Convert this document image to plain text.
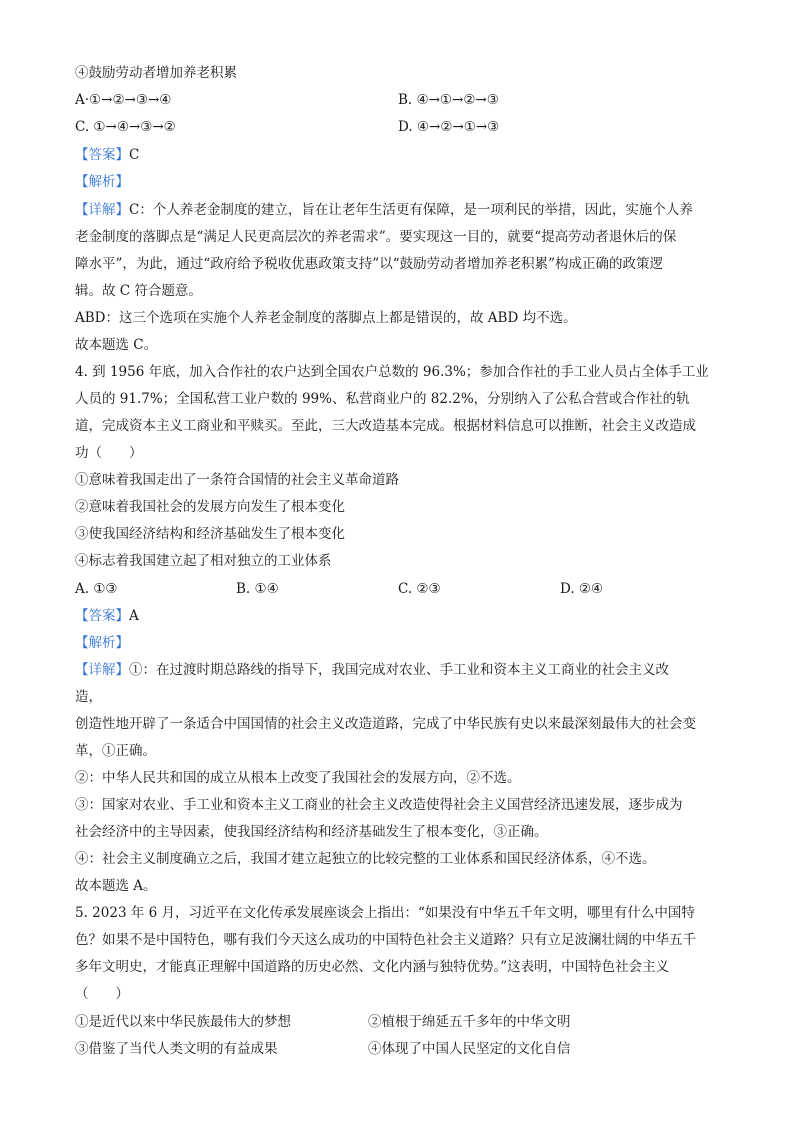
④鼓励劳动者增加养老积累
A·①→②→③→④	B. ④→①→②→③
C. ①→④→③→②	D. ④→②→①→③
【答案】C
【解析】
【详解】C：个人养老金制度的建立，旨在让老年生活更有保障，是一项利民的举措，因此，实施个人养
老金制度的落脚点是“满足人民更高层次的养老需求”。要实现这一目的，就要“提高劳动者退休后的保
障水平”，为此，通过“政府给予税收优惠政策支持”以“鼓励劳动者增加养老积累”构成正确的政策逻
辑。故 C 符合题意。
ABD：这三个选项在实施个人养老金制度的落脚点上都是错误的，故 ABD 均不选。
故本题选 C。
4. 到 1956 年底，加入合作社的农户达到全国农户总数的 96.3%；参加合作社的手工业人员占全体手工业
人员的 91.7%；全国私营工业户数的 99%、私营商业户的 82.2%，分别纳入了公私合营或合作社的轨
道，完成资本主义工商业和平赎买。至此，三大改造基本完成。根据材料信息可以推断，社会主义改造成
功（　　）
①意味着我国走出了一条符合国情的社会主义革命道路
②意味着我国社会的发展方向发生了根本变化
③使我国经济结构和经济基础发生了根本变化
④标志着我国建立起了相对独立的工业体系
A. ①③	B. ①④	C. ②③	D. ②④
【答案】A
【解析】
【详解】①：在过渡时期总路线的指导下，我国完成对农业、手工业和资本主义工商业的社会主义改
造，
创造性地开辟了一条适合中国国情的社会主义改造道路，完成了中华民族有史以来最深刻最伟大的社会变
革，①正确。
②：中华人民共和国的成立从根本上改变了我国社会的发展方向，②不选。
③：国家对农业、手工业和资本主义工商业的社会主义改造使得社会主义国营经济迅速发展，逐步成为
社会经济中的主导因素，使我国经济结构和经济基础发生了根本变化，③正确。
④：社会主义制度确立之后，我国才建立起独立的比较完整的工业体系和国民经济体系，④不选。
故本题选 A。
5. 2023 年 6 月，习近平在文化传承发展座谈会上指出：“如果没有中华五千年文明，哪里有什么中国特
色？如果不是中国特色，哪有我们今天这么成功的中国特色社会主义道路？只有立足波澜壮阔的中华五千
多年文明史，才能真正理解中国道路的历史必然、文化内涵与独特优势。”这表明，中国特色社会主义
（　　）
①是近代以来中华民族最伟大的梦想	②植根于绵延五千多年的中华文明
③借鉴了当代人类文明的有益成果	④体现了中国人民坚定的文化自信
